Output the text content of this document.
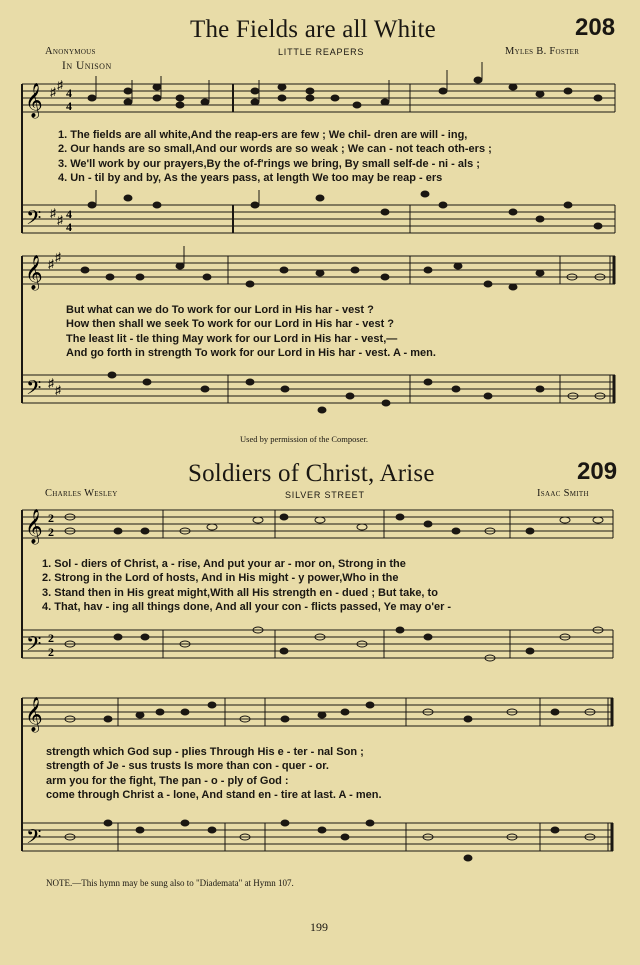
The Fields are all White	208
Anonymous	LITTLE REAPERS	Myles B. Foster
In Unison
𝄞
𝄢
♯ ♯
♯ ♯
4
4
4
4
1. The fields are all white,And the reap-ers are few ; We chil- dren are will - ing,
2. Our hands are so small,And our words are so weak ; We can - not teach oth-ers ;
3. We'll work by our prayers,By the of-f'rings we bring, By small self-de - ni - als ;
4. Un - til by and by, As the years pass, at length We too may be reap - ers
𝄞
𝄢
♯ ♯
♯ ♯
But what can we do To work for our Lord in His har - vest ?
How then shall we seek To work for our Lord in His har - vest ?
The least lit - tle thing May work for our Lord in His har - vest,—
And go forth in strength To work for our Lord in His har - vest. A - men.
Used by permission of the Composer.
Soldiers of Christ, Arise	209
Charles Wesley	SILVER STREET	Isaac Smith
𝄞
𝄢
2
2
2
2
1. Sol - diers of Christ, a - rise, And put your ar - mor on, Strong in the
2. Strong in the Lord of hosts, And in His might - y power,Who in the
3. Stand then in His great might,With all His strength en - dued ; But take, to
4. That, hav - ing all things done, And all your con - flicts passed, Ye may o'er -
𝄞
𝄢
strength which God sup - plies Through His e - ter - nal Son ;
strength of Je - sus trusts Is more than con - quer - or.
arm you for the fight, The pan - o - ply of God :
come through Christ a - lone, And stand en - tire at last. A - men.
NOTE.—This hymn may be sung also to "Diademata" at Hymn 107.
199
